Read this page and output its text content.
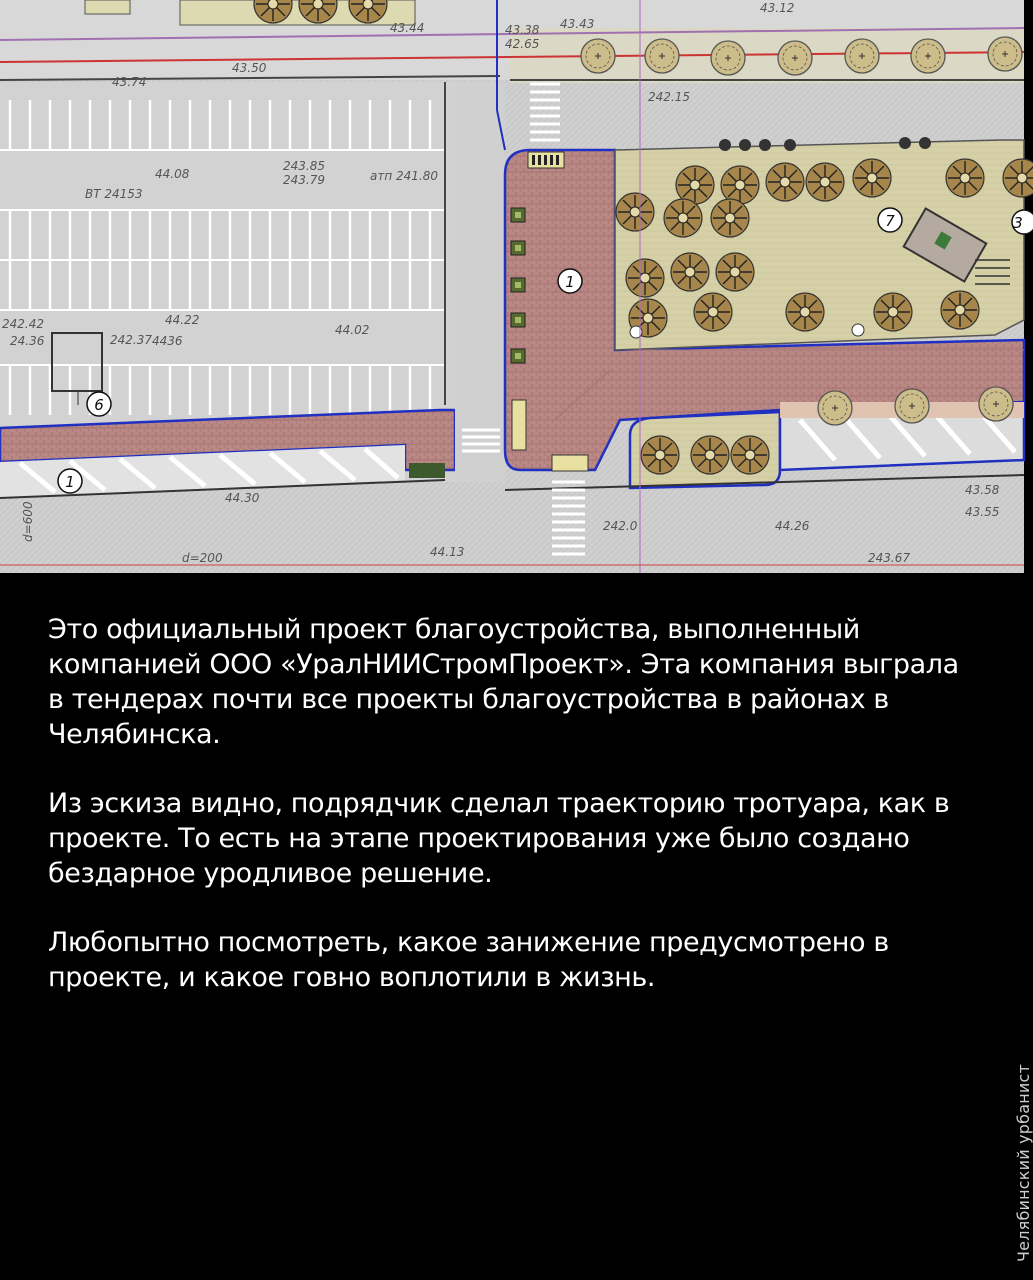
1
1
6
7	3
43.44	43.38
42.65
43.50
43.74
43.43
43.12
44.08
243.85
243.79	атп 241.80
ВТ 24153
44.22
44.02
242.37
242.42
24.36	4436
44.30
44.13
242.0	44.26
43.58
43.55
243.67
d=200
d=600
242.15

Это официальный проект благоустройства, выполненный компанией ООО «УралНИИСтромПроект». Эта компания выграла в тендерах почти все проекты благоустройства в районах в Челябинска.

Из эскиза видно, подрядчик сделал траекторию тротуара, как в проекте. То есть на этапе проектирования уже было создано бездарное уродливое решение.

Любопытно посмотреть, какое занижение предусмотрено в проекте, и какое говно воплотили в жизнь.

Челябинский урбанист
